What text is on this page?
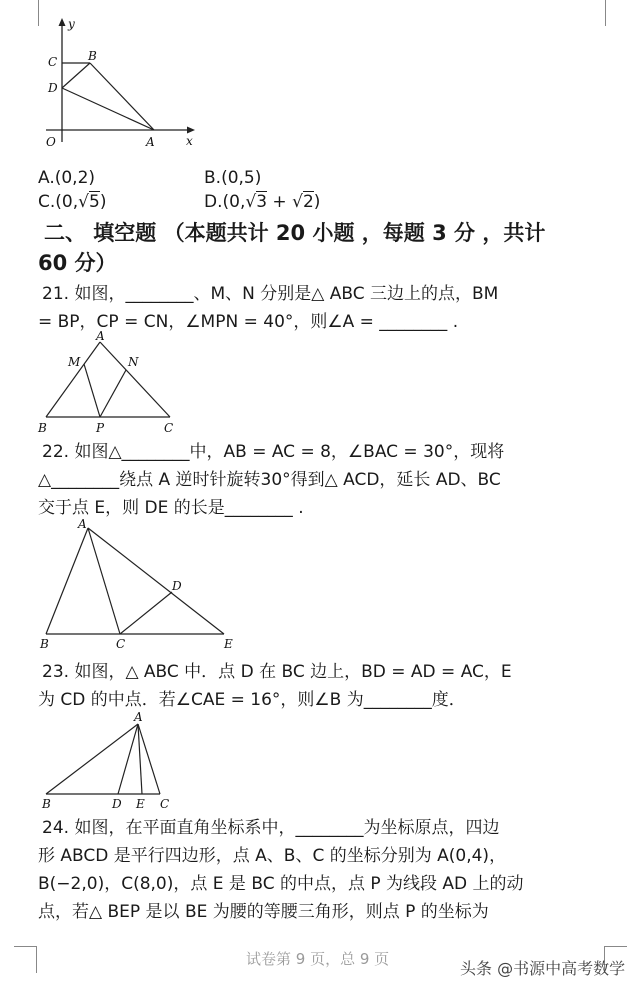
y
x
O	A
B
C
D
A.(0,2)	B.(0,5)
C.(0,√5)	D.(0,√3 + √2)
二、 填空题 （本题共计 20 小题 ，每题 3 分 ，共计
60 分）
21. 如图，________、M、N 分别是△ ABC 三边上的点，BM
= BP，CP = CN，∠MPN = 40°，则∠A = ________ .
A
M	N
B	P	C
22. 如图△________中，AB = AC = 8，∠BAC = 30°，现将
△________绕点 A 逆时针旋转30°得到△ ACD，延长 AD、BC
交于点 E，则 DE 的长是________ .
A
D
B	C	E
23. 如图，△ ABC 中．点 D 在 BC 边上，BD = AD = AC，E
为 CD 的中点．若∠CAE = 16°，则∠B 为________度．
A
B	D E C
24. 如图，在平面直角坐标系中，________为坐标原点，四边
形 ABCD 是平行四边形，点 A、B、C 的坐标分别为 A(0,4)，
B(−2,0)，C(8,0)，点 E 是 BC 的中点，点 P 为线段 AD 上的动
点，若△ BEP 是以 BE 为腰的等腰三角形，则点 P 的坐标为
试卷第 9 页，总 9 页	头条 @书源中高考数学
